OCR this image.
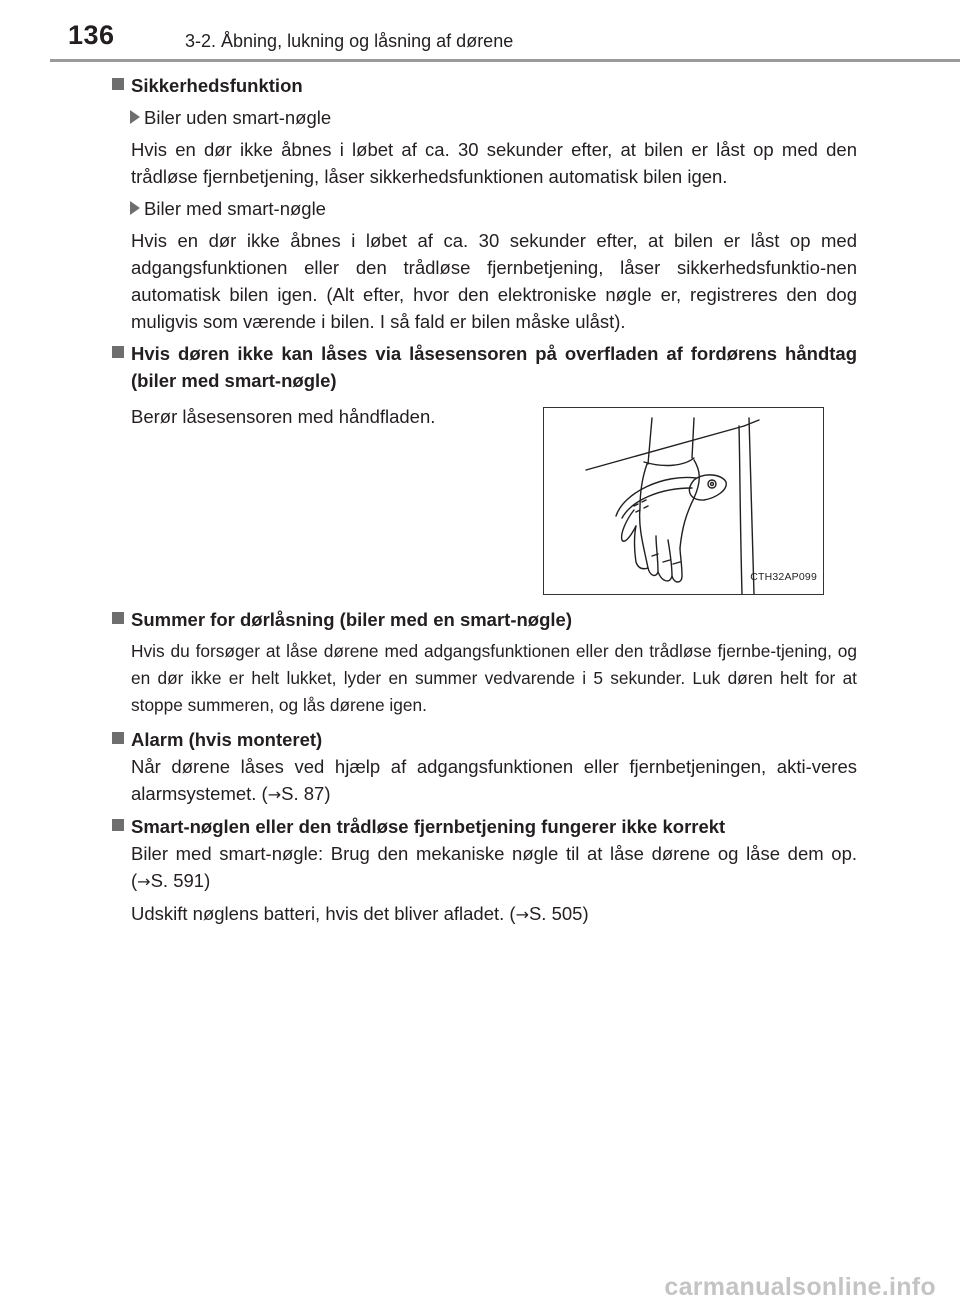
136	3-2. Åbning, lukning og låsning af dørene

Sikkerhedsfunktion

Biler uden smart-nøgle

Hvis en dør ikke åbnes i løbet af ca. 30 sekunder efter, at bilen er låst op med den trådløse fjernbetjening, låser sikkerhedsfunktionen automatisk bilen igen.

Biler med smart-nøgle

Hvis en dør ikke åbnes i løbet af ca. 30 sekunder efter, at bilen er låst op med adgangsfunktionen eller den trådløse fjernbetjening, låser sikkerhedsfunktio-nen automatisk bilen igen. (Alt efter, hvor den elektroniske nøgle er, registreres den dog muligvis som værende i bilen. I så fald er bilen måske ulåst).

Hvis døren ikke kan låses via låsesensoren på overfladen af fordørens håndtag (biler med smart-nøgle)

Berør låsesensoren med håndfladen.
CTH32AP099

Summer for dørlåsning (biler med en smart-nøgle)

Hvis du forsøger at låse dørene med adgangsfunktionen eller den trådløse fjernbe-tjening, og en dør ikke er helt lukket, lyder en summer vedvarende i 5 sekunder. Luk døren helt for at stoppe summeren, og lås dørene igen.

Alarm (hvis monteret)

Når dørene låses ved hjælp af adgangsfunktionen eller fjernbetjeningen, akti-veres alarmsystemet. (→S. 87)

Smart-nøglen eller den trådløse fjernbetjening fungerer ikke korrekt

Biler med smart-nøgle: Brug den mekaniske nøgle til at låse dørene og låse dem op. (→S. 591)

Udskift nøglens batteri, hvis det bliver afladet. (→S. 505)

carmanualsonline.info
